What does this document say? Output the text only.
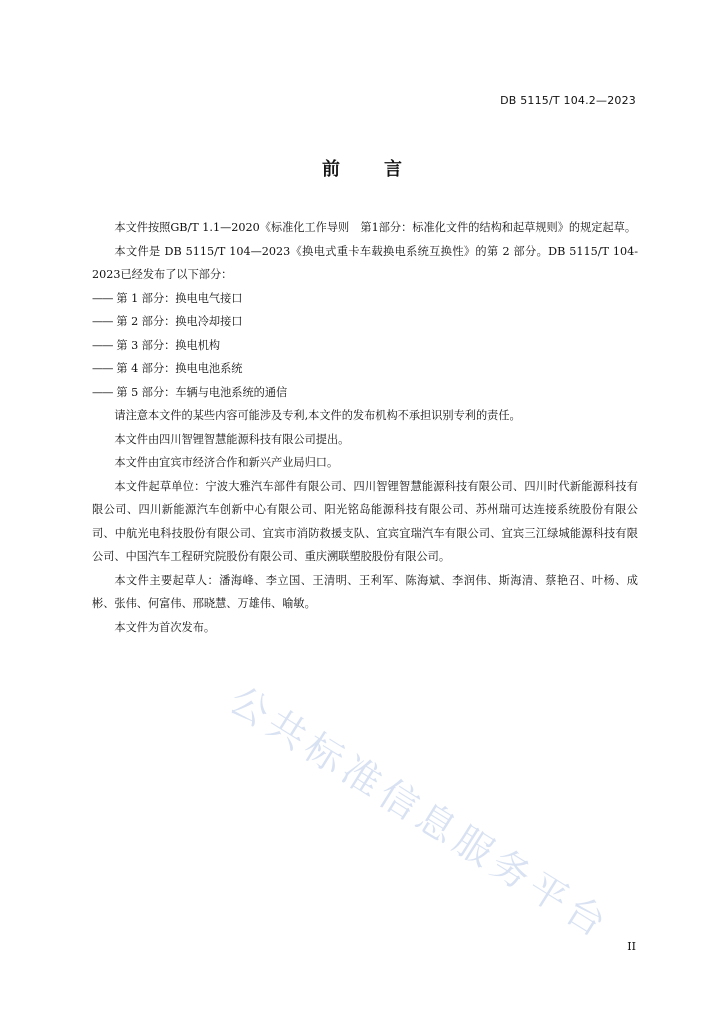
DB 5115/T 104.2—2023
前 言

本文件按照GB/T 1.1—2020《标准化工作导则　第1部分：标准化文件的结构和起草规则》的规定起草。

本文件是 DB 5115/T 104—2023《换电式重卡车载换电系统互换性》的第 2 部分。DB 5115/T 104-2023已经发布了以下部分：

—— 第 1 部分：换电电气接口

—— 第 2 部分：换电冷却接口

—— 第 3 部分：换电机构

—— 第 4 部分：换电电池系统

—— 第 5 部分：车辆与电池系统的通信

请注意本文件的某些内容可能涉及专利,本文件的发布机构不承担识别专利的责任。

本文件由四川智锂智慧能源科技有限公司提出。

本文件由宜宾市经济合作和新兴产业局归口。

本文件起草单位：宁波大雅汽车部件有限公司、四川智锂智慧能源科技有限公司、四川时代新能源科技有限公司、四川新能源汽车创新中心有限公司、阳光铭岛能源科技有限公司、苏州瑞可达连接系统股份有限公司、中航光电科技股份有限公司、宜宾市消防救援支队、宜宾宜瑞汽车有限公司、宜宾三江绿城能源科技有限公司、中国汽车工程研究院股份有限公司、重庆溯联塑胶股份有限公司。

本文件主要起草人：潘海峰、李立国、王清明、王利军、陈海斌、李润伟、斯海清、蔡艳召、叶杨、成彬、张伟、何富伟、邢晓慧、万雄伟、喻敏。

本文件为首次发布。

公共标准信息服务平台 II
